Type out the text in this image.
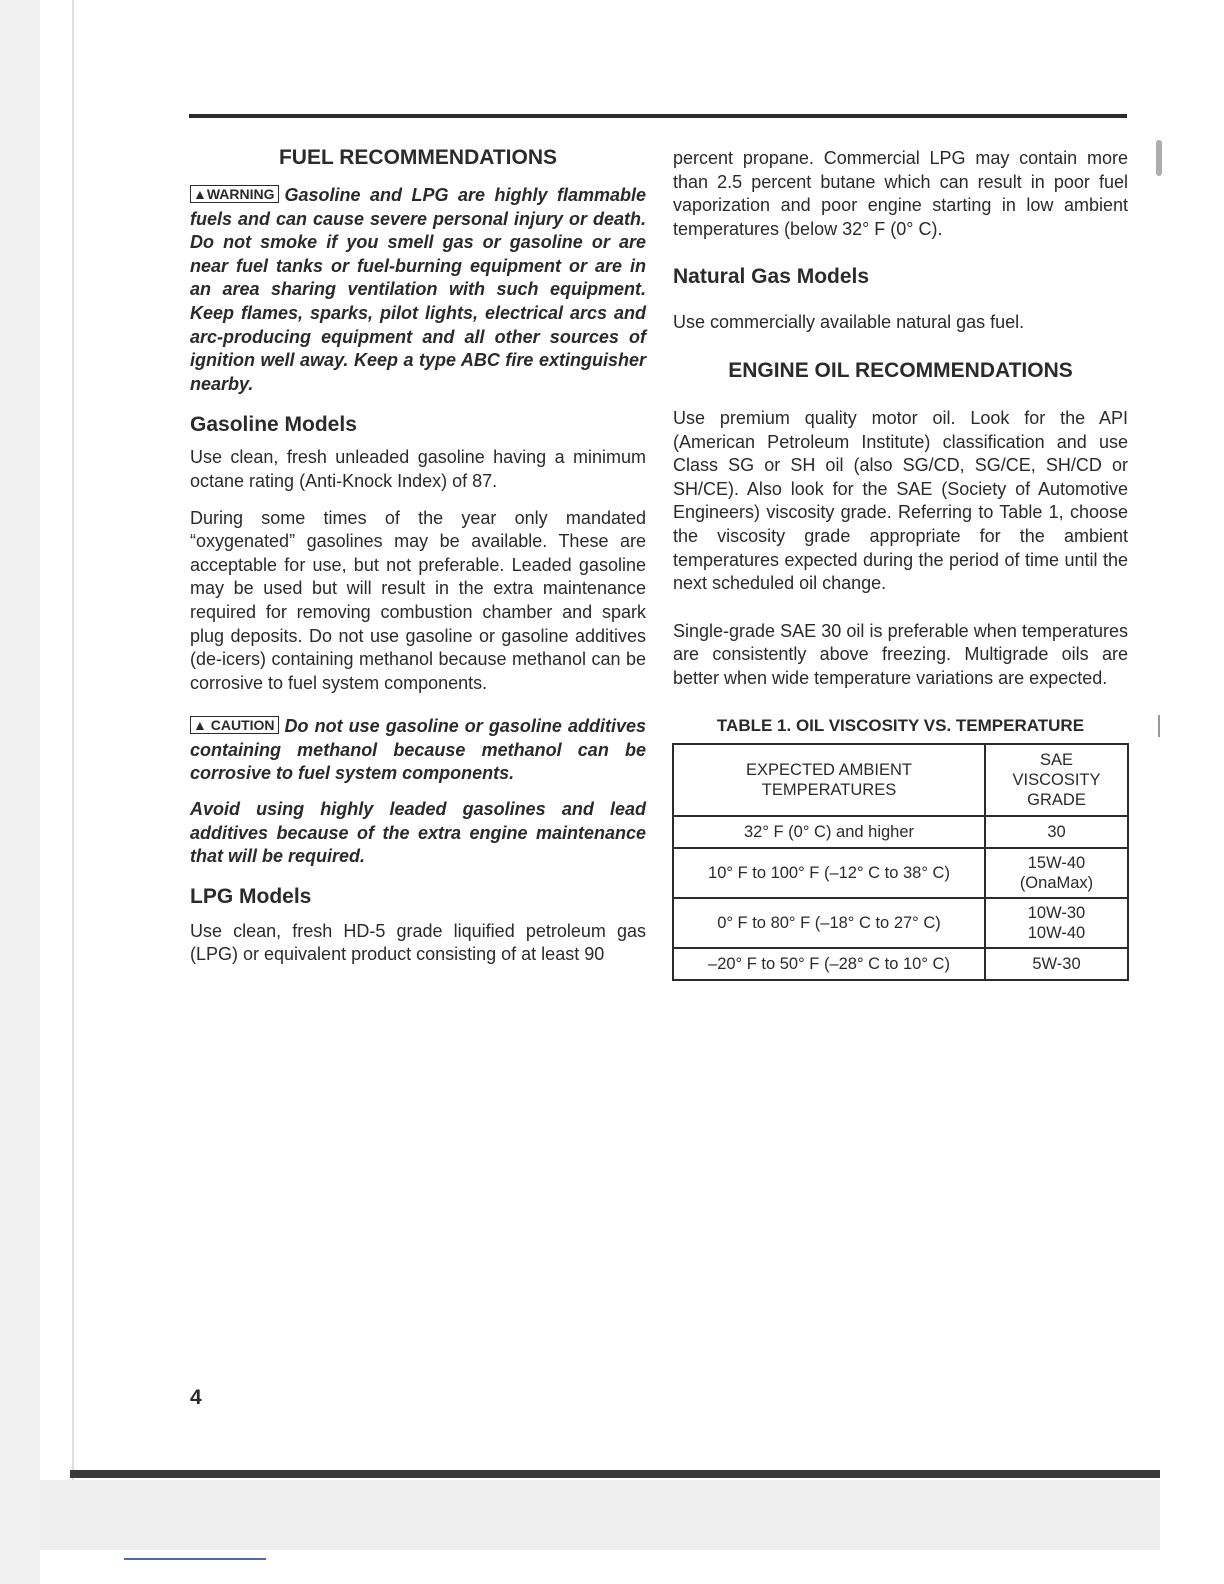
FUEL RECOMMENDATIONS

▲WARNING Gasoline and LPG are highly flammable fuels and can cause severe personal injury or death. Do not smoke if you smell gas or gasoline or are near fuel tanks or fuel-burning equipment or are in an area sharing ventilation with such equipment. Keep flames, sparks, pilot lights, electrical arcs and arc-producing equipment and all other sources of ignition well away. Keep a type ABC fire extinguisher nearby.

Gasoline Models

Use clean, fresh unleaded gasoline having a minimum octane rating (Anti-Knock Index) of 87.

During some times of the year only mandated “oxygenated” gasolines may be available. These are acceptable for use, but not preferable. Leaded gasoline may be used but will result in the extra maintenance required for removing combustion chamber and spark plug deposits. Do not use gasoline or gasoline additives (de-icers) containing methanol because methanol can be corrosive to fuel system components.

▲ CAUTION Do not use gasoline or gasoline additives containing methanol because methanol can be corrosive to fuel system components.

Avoid using highly leaded gasolines and lead additives because of the extra engine maintenance that will be required.

LPG Models

Use clean, fresh HD-5 grade liquified petroleum gas (LPG) or equivalent product consisting of at least 90

percent propane. Commercial LPG may contain more than 2.5 percent butane which can result in poor fuel vaporization and poor engine starting in low ambient temperatures (below 32° F (0° C).

Natural Gas Models

Use commercially available natural gas fuel.

ENGINE OIL RECOMMENDATIONS

Use premium quality motor oil. Look for the API (American Petroleum Institute) classification and use Class SG or SH oil (also SG/CD, SG/CE, SH/CD or SH/CE). Also look for the SAE (Society of Automotive Engineers) viscosity grade. Referring to Table 1, choose the viscosity grade appropriate for the ambient temperatures expected during the period of time until the next scheduled oil change.

Single-grade SAE 30 oil is preferable when temperatures are consistently above freezing. Multigrade oils are better when wide temperature variations are expected.

TABLE 1. OIL VISCOSITY VS. TEMPERATURE

EXPECTED AMBIENT
TEMPERATURES	SAE
VISCOSITY
GRADE
32° F (0° C) and higher	30
10° F to 100° F (–12° C to 38° C)	15W-40
(OnaMax)
0° F to 80° F (–18° C to 27° C)	10W-30
10W-40
–20° F to 50° F (–28° C to 10° C)	5W-30
4
